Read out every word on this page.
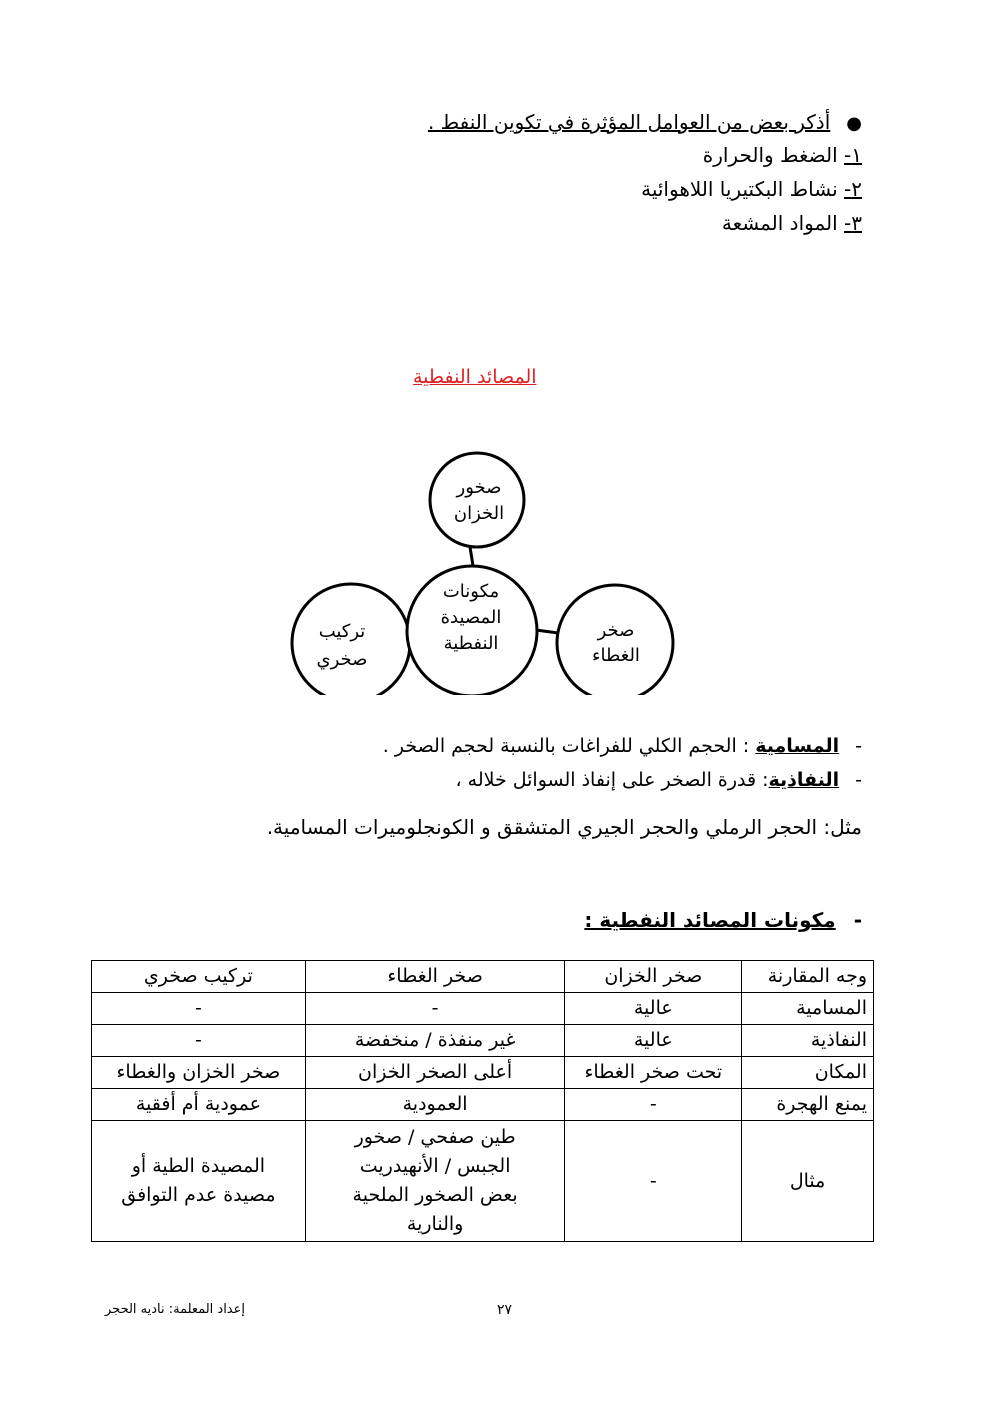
●أذكر بعض من العوامل المؤثرة في تكوين النفط .
١- الضغط والحرارة
٢- نشاط البكتيريا اللاهوائية
٣- المواد المشعة
المصائد النفطية
صخور
الخزان
مكونات
المصيدة
النفطية
تركيب
صخري
صخر
الغطاء
-المسامية : الحجم الكلي للفراغات بالنسبة لحجم الصخر .
-النفاذية: قدرة الصخر على إنفاذ السوائل خلاله ،
مثل: الحجر الرملي والحجر الجيري المتشقق و الكونجلوميرات المسامية.
-مكونات المصائد النفطية :
وجه المقارنة	صخر الخزان	صخر الغطاء	تركيب صخري
المسامية	عالية	-	-
النفاذية	عالية	غير منفذة / منخفضة	-
المكان	تحت صخر الغطاء	أعلى الصخر الخزان	صخر الخزان والغطاء
يمنع الهجرة	-	العمودية	عمودية أم أفقية
مثال	-	طين صفحي / صخور الجبس / الأنهيدريت بعض الصخور الملحية والنارية	المصيدة الطية أو مصيدة عدم التوافق
إعداد المعلمة: ناديه الحجر	٢٧
